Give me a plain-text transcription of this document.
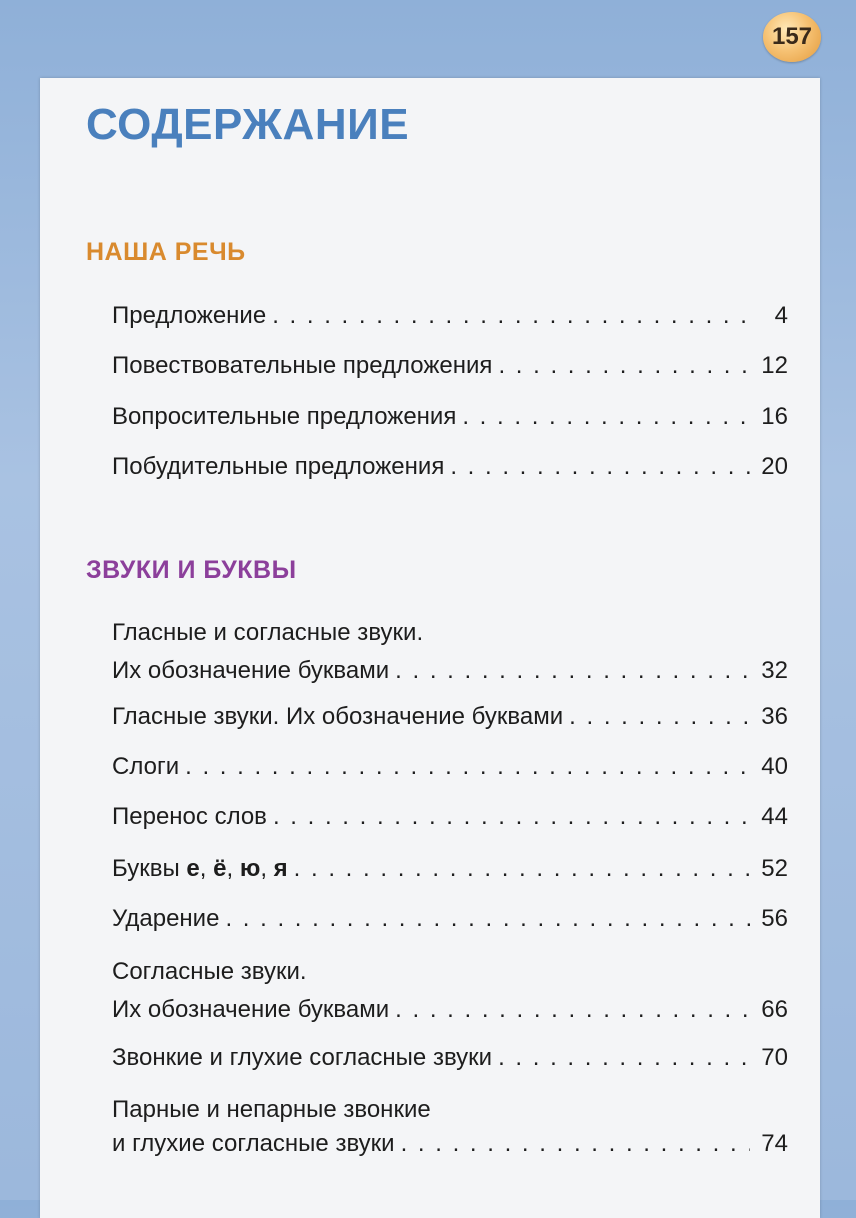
157
СОДЕРЖАНИЕ
НАША РЕЧЬ
Предложение . . .	4
Повествовательные предложения . . .	12
Вопросительные предложения . . .	16
Побудительные предложения . . .	20
ЗВУКИ И БУКВЫ
Гласные и согласные звуки.
Их обозначение буквами . . .	32
Гласные звуки. Их обозначение буквами . . .	36
Слоги . . .	40
Перенос слов . . .	44
Буквы е, ё, ю, я . . .	52
Ударение . . .	56
Согласные звуки.
Их обозначение буквами . . .	66
Звонкие и глухие согласные звуки . . .	70
Парные и непарные звонкие
и глухие согласные звуки . . .	74
